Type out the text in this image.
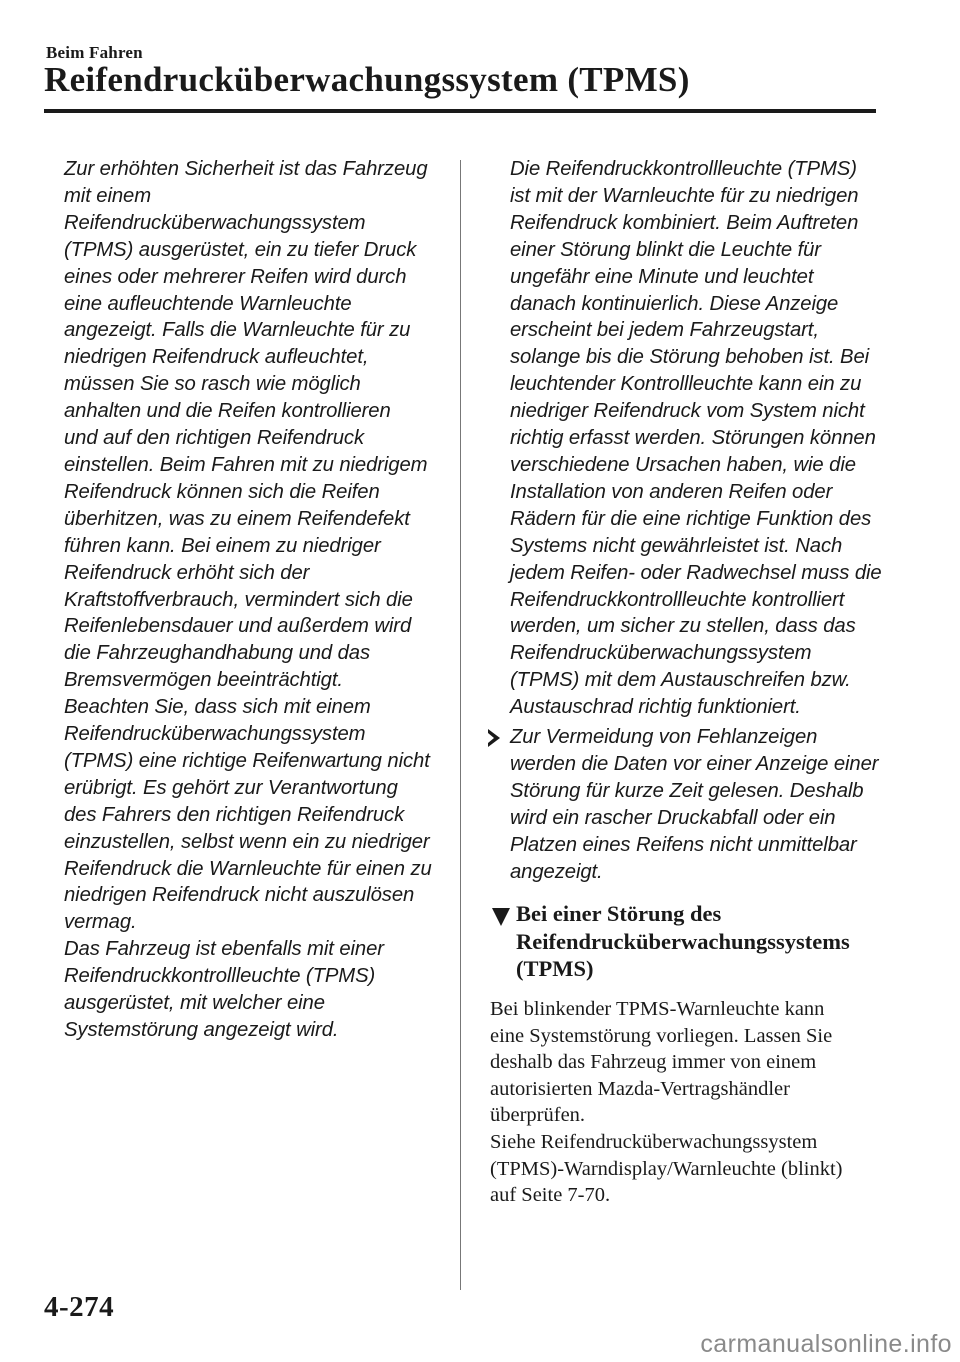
Beim Fahren
Reifendrucküberwachungssystem (TPMS)
Zur erhöhten Sicherheit ist das Fahrzeug
mit einem
Reifendrucküberwachungssystem
(TPMS) ausgerüstet, ein zu tiefer Druck
eines oder mehrerer Reifen wird durch
eine aufleuchtende Warnleuchte
angezeigt. Falls die Warnleuchte für zu
niedrigen Reifendruck aufleuchtet,
müssen Sie so rasch wie möglich
anhalten und die Reifen kontrollieren
und auf den richtigen Reifendruck
einstellen. Beim Fahren mit zu niedrigem
Reifendruck können sich die Reifen
überhitzen, was zu einem Reifendefekt
führen kann. Bei einem zu niedriger
Reifendruck erhöht sich der
Kraftstoffverbrauch, vermindert sich die
Reifenlebensdauer und außerdem wird
die Fahrzeughandhabung und das
Bremsvermögen beeinträchtigt.
Beachten Sie, dass sich mit einem
Reifendrucküberwachungssystem
(TPMS) eine richtige Reifenwartung nicht
erübrigt. Es gehört zur Verantwortung
des Fahrers den richtigen Reifendruck
einzustellen, selbst wenn ein zu niedriger
Reifendruck die Warnleuchte für einen zu
niedrigen Reifendruck nicht auszulösen
vermag.
Das Fahrzeug ist ebenfalls mit einer
Reifendruckkontrollleuchte (TPMS)
ausgerüstet, mit welcher eine
Systemstörung angezeigt wird.
Die Reifendruckkontrollleuchte (TPMS)
ist mit der Warnleuchte für zu niedrigen
Reifendruck kombiniert. Beim Auftreten
einer Störung blinkt die Leuchte für
ungefähr eine Minute und leuchtet
danach kontinuierlich. Diese Anzeige
erscheint bei jedem Fahrzeugstart,
solange bis die Störung behoben ist. Bei
leuchtender Kontrollleuchte kann ein zu
niedriger Reifendruck vom System nicht
richtig erfasst werden. Störungen können
verschiedene Ursachen haben, wie die
Installation von anderen Reifen oder
Rädern für die eine richtige Funktion des
Systems nicht gewährleistet ist. Nach
jedem Reifen- oder Radwechsel muss die
Reifendruckkontrollleuchte kontrolliert
werden, um sicher zu stellen, dass das
Reifendrucküberwachungssystem
(TPMS) mit dem Austauschreifen bzw.
Austauschrad richtig funktioniert.
Zur Vermeidung von Fehlanzeigen
werden die Daten vor einer Anzeige einer
Störung für kurze Zeit gelesen. Deshalb
wird ein rascher Druckabfall oder ein
Platzen eines Reifens nicht unmittelbar
angezeigt.
Bei einer Störung des
Reifendrucküberwachungssystems
(TPMS)
Bei blinkender TPMS-Warnleuchte kann
eine Systemstörung vorliegen. Lassen Sie
deshalb das Fahrzeug immer von einem
autorisierten Mazda-Vertragshändler
überprüfen.
Siehe Reifendrucküberwachungssystem
(TPMS)-Warndisplay/Warnleuchte (blinkt)
auf Seite 7-70.
4-274
carmanualsonline.info
